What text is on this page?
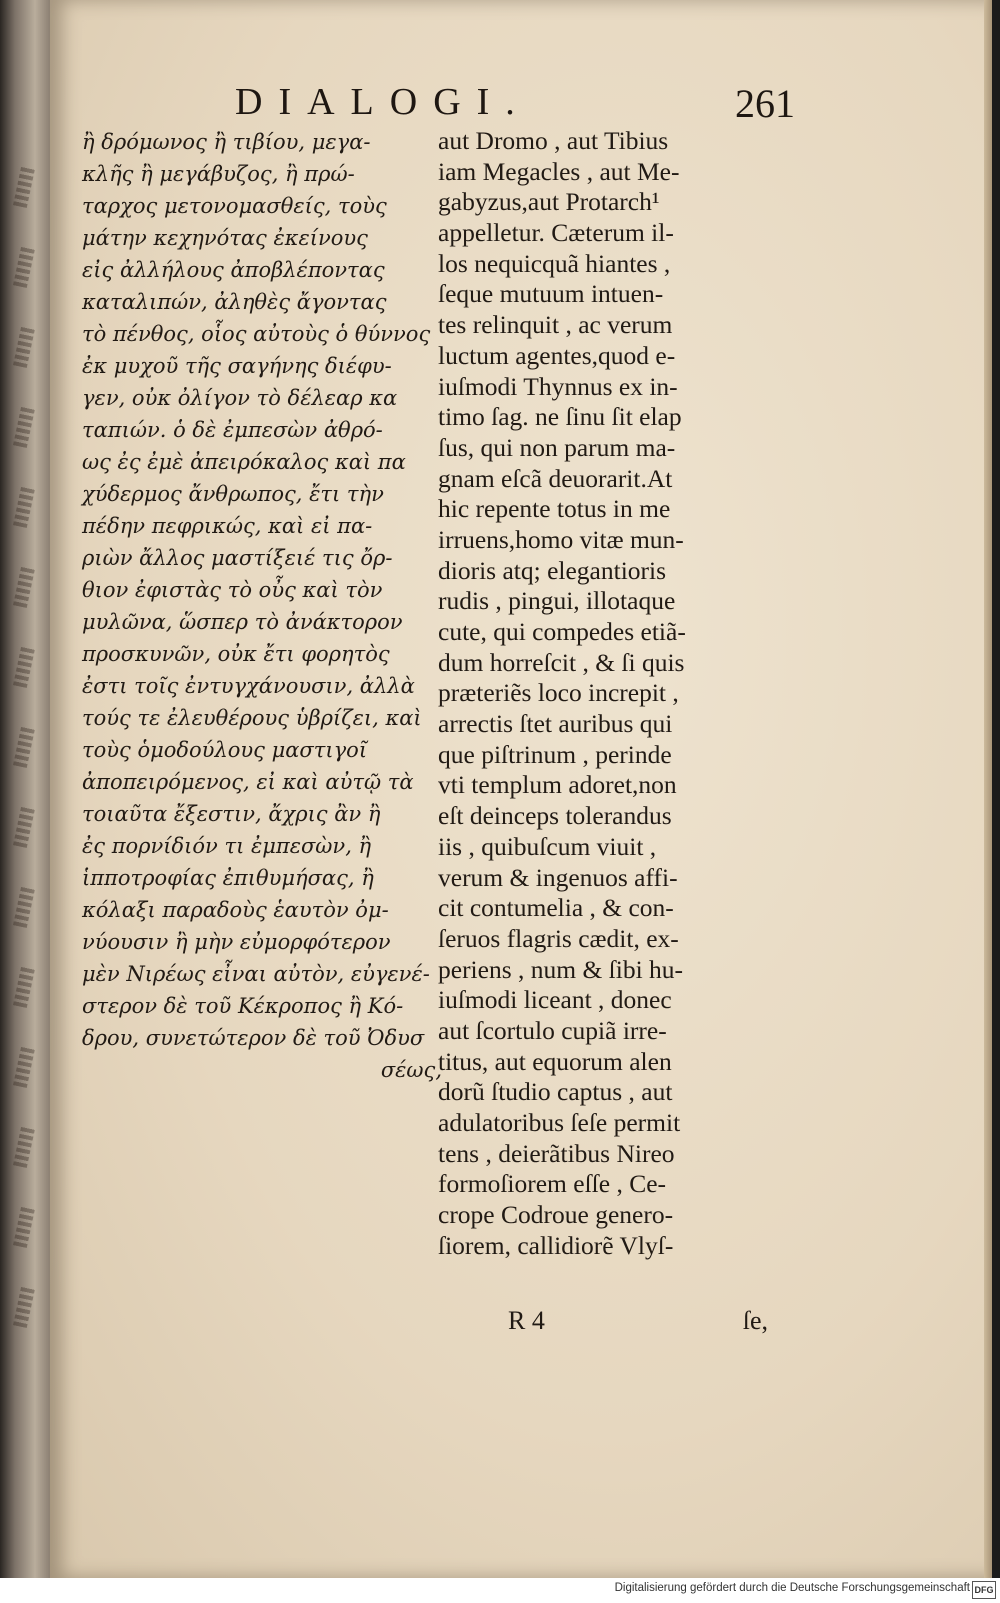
DIALOGI.	261
ἢ δρόμωνος ἢ τιβίου, μεγα-
κλῆς ἢ μεγάβυζος, ἢ πρώ-
ταρχος μετονομασθείς, τοὺς
μάτην κεχηνότας ἐκείνους
εἰς ἀλλήλους ἀποβλέποντας
καταλιπών, ἀληθὲς ἄγοντας
τὸ πένθος, οἷος αὐτοὺς ὁ θύννος
ἐκ μυχοῦ τῆς σαγήνης διέφυ-
γεν, οὐκ ὀλίγον τὸ δέλεαρ κα
ταπιών. ὁ δὲ ἐμπεσὼν ἀθρό-
ως ἐς ἐμὲ ἀπειρόκαλος καὶ πα
χύδερμος ἄνθρωπος, ἔτι τὴν
πέδην πεφρικώς, καὶ εἰ πα-
ριὼν ἄλλος μαστίξειέ τις ὄρ-
θιον ἐφιστὰς τὸ οὖς καὶ τὸν
μυλῶνα, ὥσπερ τὸ ἀνάκτορον
προσκυνῶν, οὐκ ἔτι φορητὸς
ἐστι τοῖς ἐντυγχάνουσιν, ἀλλὰ
τούς τε ἐλευθέρους ὑβρίζει, καὶ
τοὺς ὁμοδούλους μαστιγοῖ
ἀποπειρόμενος, εἰ καὶ αὐτῷ τὰ
τοιαῦτα ἔξεστιν, ἄχρις ἂν ἢ
ἐς πορνίδιόν τι ἐμπεσὼν, ἢ
ἱπποτροφίας ἐπιθυμήσας, ἢ
κόλαξι παραδοὺς ἑαυτὸν ὀμ-
νύουσιν ἢ μὴν εὐμορφότερον
μὲν Νιρέως εἶναι αὐτὸν, εὐγενέ-
στερον δὲ τοῦ Κέκροπος ἢ Κό-
δρου, συνετώτερον δὲ τοῦ Ὀδυσ
σέως,
aut Dromo , aut Tibius
iam Megacles , aut Me-
gabyzus,aut Protarch¹
appelletur. Cæterum il-
los nequicquã hiantes ,
ſeque mutuum intuen-
tes relinquit , ac verum
luctum agentes,quod e-
iuſmodi Thynnus ex in-
timo ſag. ne ſinu ſit elap
ſus, qui non parum ma-
gnam eſcã deuorarit.At
hic repente totus in me
irruens,homo vitæ mun-
dioris atq; elegantioris
rudis , pingui, illotaque
cute, qui compedes etiã-
dum horreſcit , & ſi quis
præteriẽs loco increpit ,
arrectis ſtet auribus qui
que piſtrinum , perinde
vti templum adoret,non
eſt deinceps tolerandus
iis , quibuſcum viuit ,
verum & ingenuos affi-
cit contumelia , & con-
ſeruos flagris cædit, ex-
periens , num & ſibi hu-
iuſmodi liceant , donec
aut ſcortulo cupiã irre-
titus, aut equorum alen
dorũ ſtudio captus , aut
adulatoribus ſeſe permit
tens , deierãtibus Nireo
formoſiorem eſſe , Ce-
crope Codroue genero-
ſiorem, callidiorẽ Vlyſ-
R 4	ſe,
Digitalisierung gefördert durch die Deutsche Forschungsgemeinschaft DFG
